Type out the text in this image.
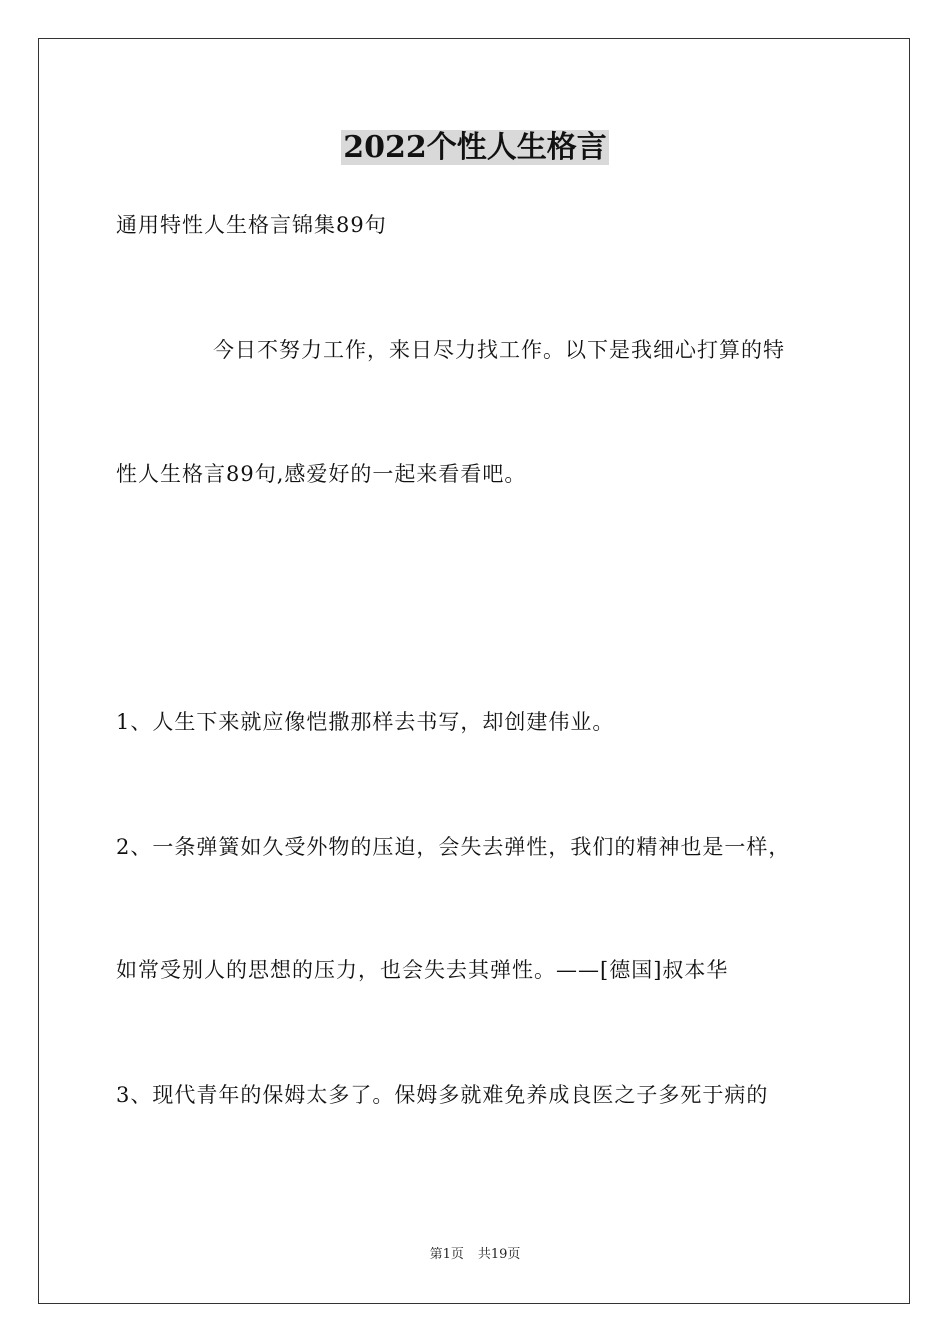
2022个性人生格言
通用特性人生格言锦集89句
今日不努力工作，来日尽力找工作。以下是我细心打算的特
性人生格言89句,感爱好的一起来看看吧。
1、人生下来就应像恺撒那样去书写，却创建伟业。
2、一条弹簧如久受外物的压迫，会失去弹性，我们的精神也是一样，
如常受别人的思想的压力，也会失去其弹性。——[德国]叔本华
3、现代青年的保姆太多了。保姆多就难免养成良医之子多死于病的
第1页 共19页
